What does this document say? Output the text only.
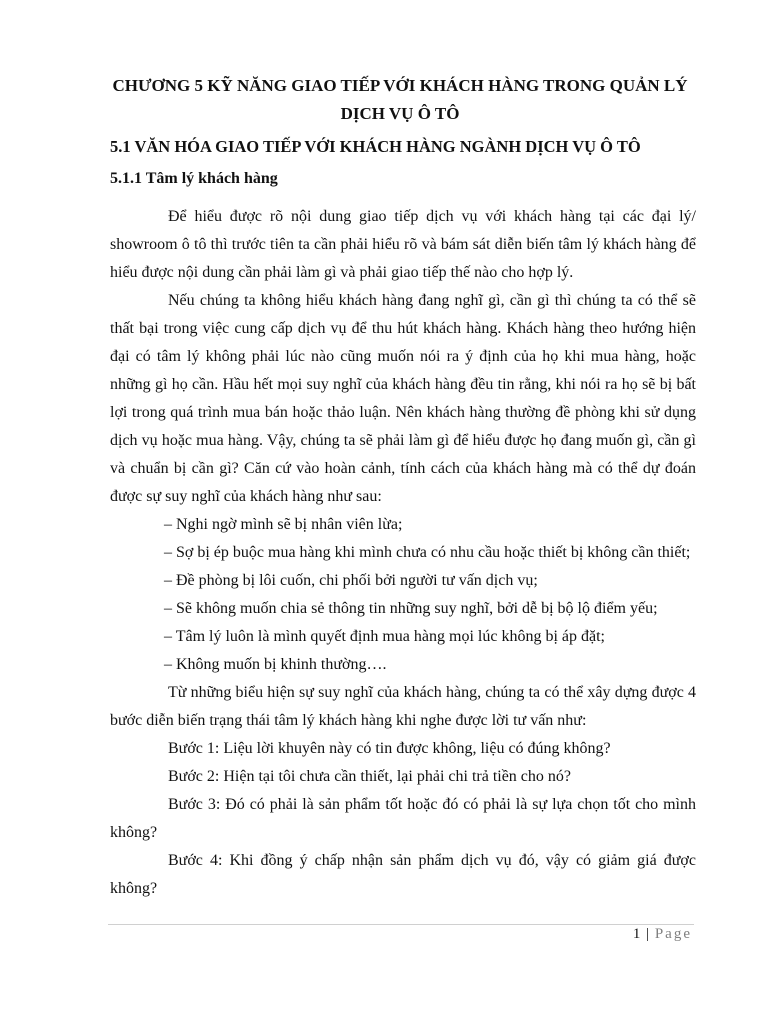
CHƯƠNG 5 KỸ NĂNG GIAO TIẾP VỚI KHÁCH HÀNG TRONG QUẢN LÝ DỊCH VỤ Ô TÔ
5.1 VĂN HÓA GIAO TIẾP VỚI KHÁCH HÀNG NGÀNH DỊCH VỤ Ô TÔ
5.1.1 Tâm lý khách hàng

Để hiểu được rõ nội dung giao tiếp dịch vụ với khách hàng tại các đại lý/ showroom ô tô thì trước tiên ta cần phải hiểu rõ và bám sát diễn biến tâm lý khách hàng để hiểu được nội dung cần phải làm gì và phải giao tiếp thế nào cho hợp lý.

Nếu chúng ta không hiểu khách hàng đang nghĩ gì, cần gì thì chúng ta có thể sẽ thất bại trong việc cung cấp dịch vụ để thu hút khách hàng. Khách hàng theo hướng hiện đại có tâm lý không phải lúc nào cũng muốn nói ra ý định của họ khi mua hàng, hoặc những gì họ cần. Hầu hết mọi suy nghĩ của khách hàng đều tin rằng, khi nói ra họ sẽ bị bất lợi trong quá trình mua bán hoặc thảo luận. Nên khách hàng thường đề phòng khi sử dụng dịch vụ hoặc mua hàng. Vậy, chúng ta sẽ phải làm gì để hiểu được họ đang muốn gì, cần gì và chuẩn bị cần gì? Căn cứ vào hoàn cảnh, tính cách của khách hàng mà có thể dự đoán được sự suy nghĩ của khách hàng như sau:

– Nghi ngờ mình sẽ bị nhân viên lừa;

– Sợ bị ép buộc mua hàng khi mình chưa có nhu cầu hoặc thiết bị không cần thiết;

– Đề phòng bị lôi cuốn, chi phối bởi người tư vấn dịch vụ;

– Sẽ không muốn chia sẻ thông tin những suy nghĩ, bởi dễ bị bộ lộ điểm yếu;

– Tâm lý luôn là mình quyết định mua hàng mọi lúc không bị áp đặt;

– Không muốn bị khinh thường….

Từ những biểu hiện sự suy nghĩ của khách hàng, chúng ta có thể xây dựng được 4 bước diễn biến trạng thái tâm lý khách hàng khi nghe được lời tư vấn như:

Bước 1: Liệu lời khuyên này có tin được không, liệu có đúng không?

Bước 2: Hiện tại tôi chưa cần thiết, lại phải chi trả tiền cho nó?

Bước 3: Đó có phải là sản phẩm tốt hoặc đó có phải là sự lựa chọn tốt cho mình không?

Bước 4: Khi đồng ý chấp nhận sản phẩm dịch vụ đó, vậy có giảm giá được không?

1 | Page
